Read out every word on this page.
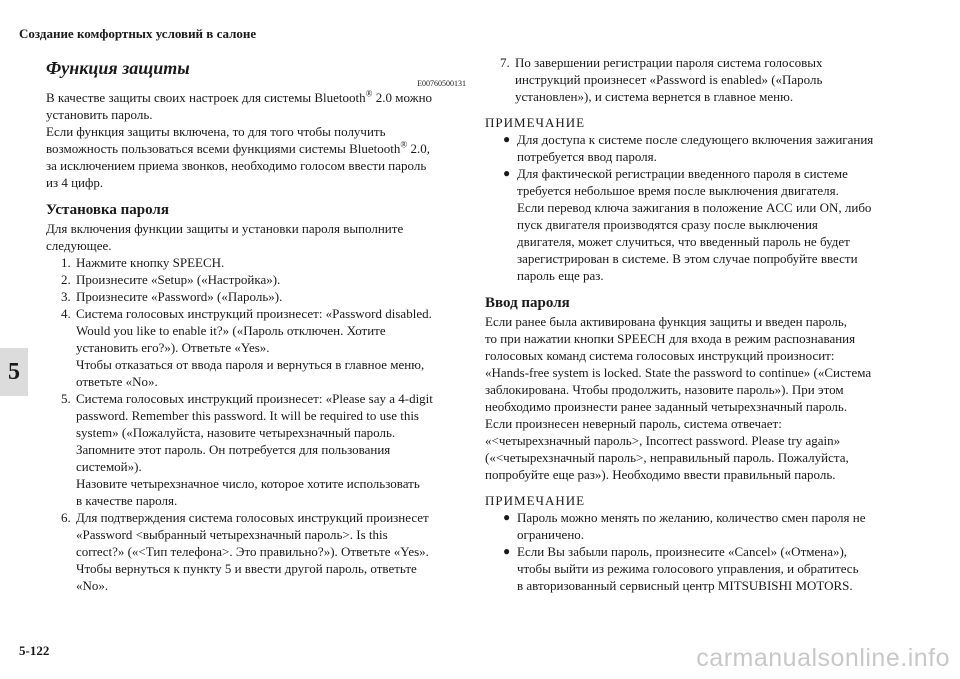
Создание комфортных условий в салоне
5
5-122	carmanualsonline.info
Функция защиты
E00760500131

В качестве защиты своих настроек для системы Bluetooth® 2.0 можно
установить пароль.
Если функция защиты включена, то для того чтобы получить
возможность пользоваться всеми функциями системы Bluetooth® 2.0,
за исключением приема звонков, необходимо голосом ввести пароль
из 4 цифр.

Установка пароля

Для включения функции защиты и установки пароля выполните
следующее.

1. Нажмите кнопку SPEECH.
2. Произнесите «Setup» («Настройка»).
3. Произнесите «Password» («Пароль»).
4. Система голосовых инструкций произнесет: «Password disabled.
Would you like to enable it?» («Пароль отключен. Хотите
установить его?»). Ответьте «Yes».
Чтобы отказаться от ввода пароля и вернуться в главное меню,
ответьте «No».
5. Система голосовых инструкций произнесет: «Please say a 4-digit
password. Remember this password. It will be required to use this
system» («Пожалуйста, назовите четырехзначный пароль.
Запомните этот пароль. Он потребуется для пользования
системой»).
Назовите четырехзначное число, которое хотите использовать
в качестве пароля.
6. Для подтверждения система голосовых инструкций произнесет
«Password <выбранный четырехзначный пароль>. Is this
correct?» («<Тип телефона>. Это правильно?»). Ответьте «Yes».
Чтобы вернуться к пункту 5 и ввести другой пароль, ответьте
«No».
7. По завершении регистрации пароля система голосовых
инструкций произнесет «Password is enabled» («Пароль
установлен»), и система вернется в главное меню.
ПРИМЕЧАНИЕ
● Для доступа к системе после следующего включения зажигания
потребуется ввод пароля.
● Для фактической регистрации введенного пароля в системе
требуется небольшое время после выключения двигателя.
Если перевод ключа зажигания в положение ACC или ON, либо
пуск двигателя производятся сразу после выключения
двигателя, может случиться, что введенный пароль не будет
зарегистрирован в системе. В этом случае попробуйте ввести
пароль еще раз.
Ввод пароля
Если ранее была активирована функция защиты и введен пароль,
то при нажатии кнопки SPEECH для входа в режим распознавания
голосовых команд система голосовых инструкций произносит:
«Hands-free system is locked. State the password to continue» («Система
заблокирована. Чтобы продолжить, назовите пароль»). При этом
необходимо произнести ранее заданный четырехзначный пароль.
Если произнесен неверный пароль, система отвечает:
«<четырехзначный пароль>, Incorrect password. Please try again»
(«<четырехзначный пароль>, неправильный пароль. Пожалуйста,
попробуйте еще раз»). Необходимо ввести правильный пароль.
ПРИМЕЧАНИЕ
● Пароль можно менять по желанию, количество смен пароля не
ограничено.
● Если Вы забыли пароль, произнесите «Cancel» («Отмена»),
чтобы выйти из режима голосового управления, и обратитесь
в авторизованный сервисный центр MITSUBISHI MOTORS.
